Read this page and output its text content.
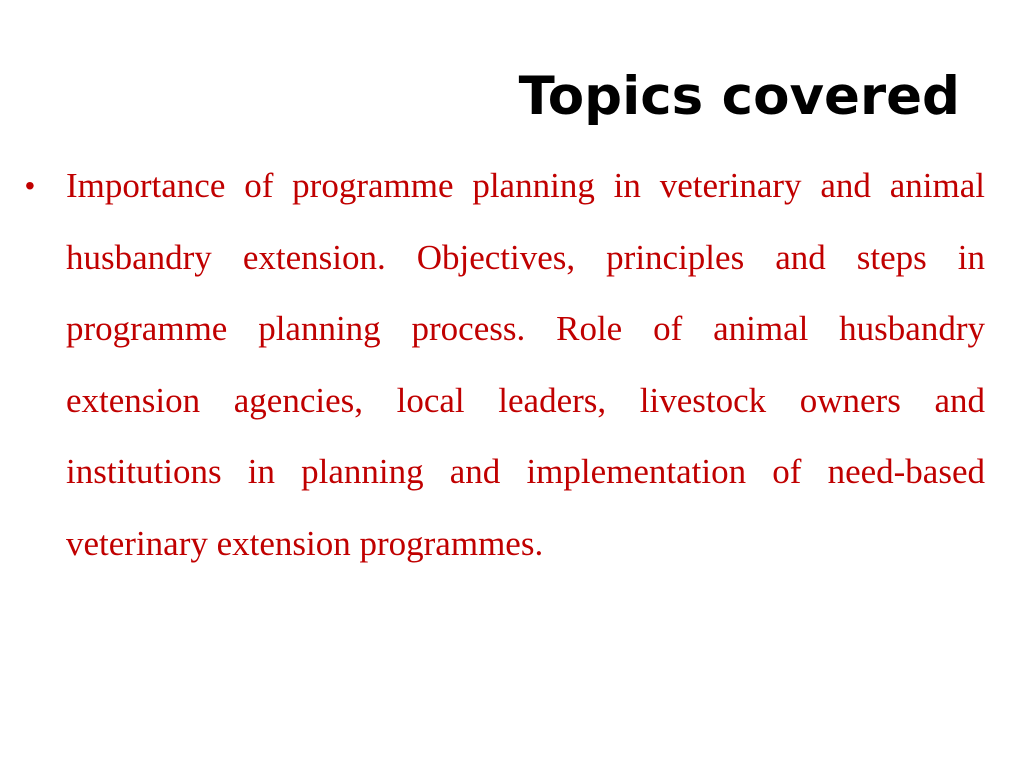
Topics covered
• Importance of programme planning in veterinary and animal husbandry extension. Objectives, principles and steps in programme planning process. Role of animal husbandry extension agencies, local leaders, livestock owners and institutions in planning and implementation of need-based veterinary extension programmes.
